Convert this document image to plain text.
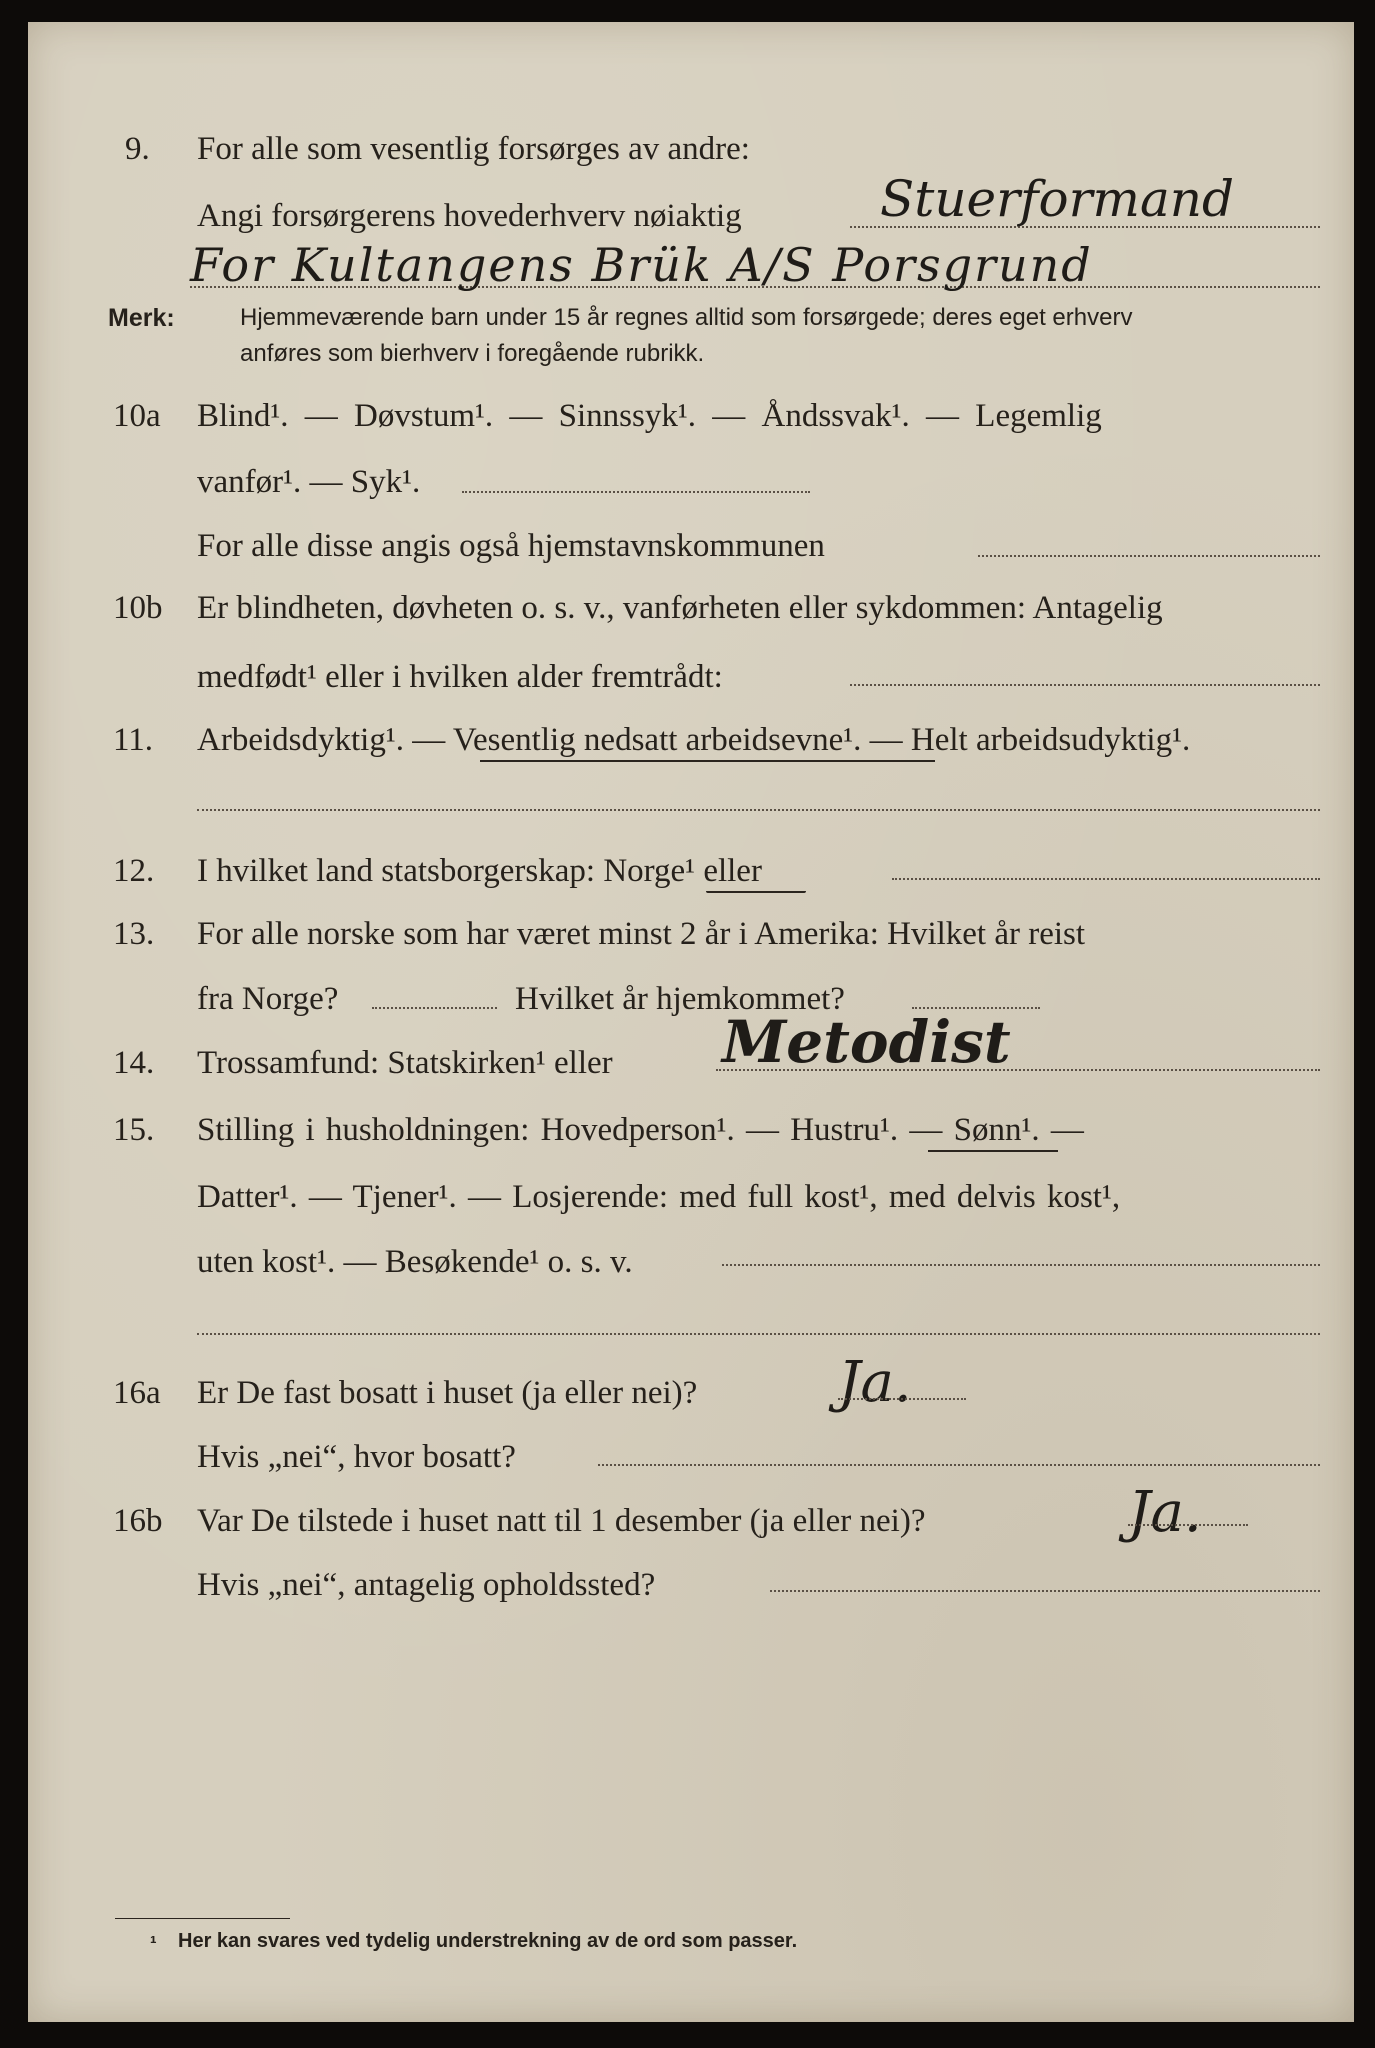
9. For alle som vesentlig forsørges av andre:
Angi forsørgerens hovederhverv nøiaktig	Stuerformand
For Kultangens Brük A/S Porsgrund
Merk:	Hjemmeværende barn under 15 år regnes alltid som forsørgede; deres eget erhverv
anføres som bierhverv i foregående rubrikk.
10a Blind¹. — Døvstum¹. — Sinnssyk¹. — Åndssvak¹. — Legemlig
vanfør¹. — Syk¹.
For alle disse angis også hjemstavnskommunen
10b Er blindheten, døvheten o. s. v., vanførheten eller sykdommen: Antagelig
medfødt¹ eller i hvilken alder fremtrådt:
11. Arbeidsdyktig¹. — Vesentlig nedsatt arbeidsevne¹. — Helt arbeidsudyktig¹.
12. I hvilket land statsborgerskap: Norge¹ eller
13. For alle norske som har været minst 2 år i Amerika: Hvilket år reist
fra Norge?	Hvilket år hjemkommet?
14. Trossamfund: Statskirken¹ eller Metodist
15. Stilling i husholdningen: Hovedperson¹. — Hustru¹. — Sønn¹. —
Datter¹. — Tjener¹. — Losjerende: med full kost¹, med delvis kost¹,
uten kost¹. — Besøkende¹ o. s. v.
16a Er De fast bosatt i huset (ja eller nei)?	Ja.
Hvis „nei“, hvor bosatt?
16b Var De tilstede i huset natt til 1 desember (ja eller nei)?	Ja.
Hvis „nei“, antagelig opholdssted?
¹ Her kan svares ved tydelig understrekning av de ord som passer.
